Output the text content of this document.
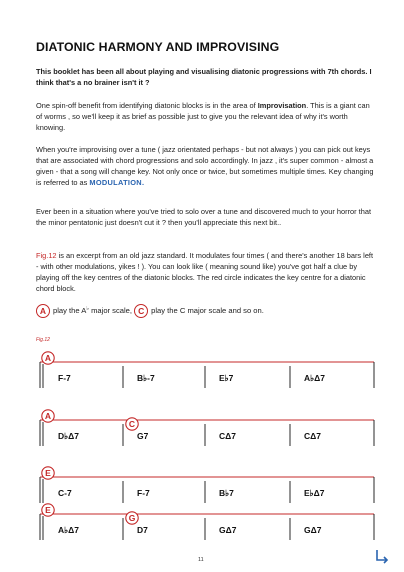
DIATONIC HARMONY AND IMPROVISING

This booklet has been all about playing and visualising diatonic progressions with 7th chords. I think that's a no brainer isn't it ?

One spin-off benefit from identifying diatonic blocks is in the area of Improvisation. This is a giant can of worms , so we'll keep it as brief as possible just to give you the relevant idea of why it's worth knowing.

When you're improvising over a tune ( jazz orientated perhaps - but not always ) you can pick out keys that are associated with chord progressions and solo accordingly. In jazz , it's super common - almost a given - that a song will change key. Not only once or twice, but sometimes multiple times. Key changing is referred to as MODULATION.

Ever been in a situation where you've tried to solo over a tune and discovered much to your horror that the minor pentatonic just doesn't cut it ? then you'll appreciate this next bit..

Fig.12 is an excerpt from an old jazz standard. It modulates four times ( and there's another 18 bars left - with other modulations, yikes ! ). You can look like ( meaning sound like) you've got half a clue by playing off the key centres of the diatonic blocks. The red circle indicates the key centre for a diatonic chord block.

A play the A♭ major scale, C play the C major scale and so on.

Fig.12
F-7	B♭-7	E♭7	A♭Δ7
A
D♭Δ7	G7	CΔ7	CΔ7
A
C
C-7	F-7	B♭7	E♭Δ7
E
A♭Δ7	D7	GΔ7	GΔ7
E
G
11
